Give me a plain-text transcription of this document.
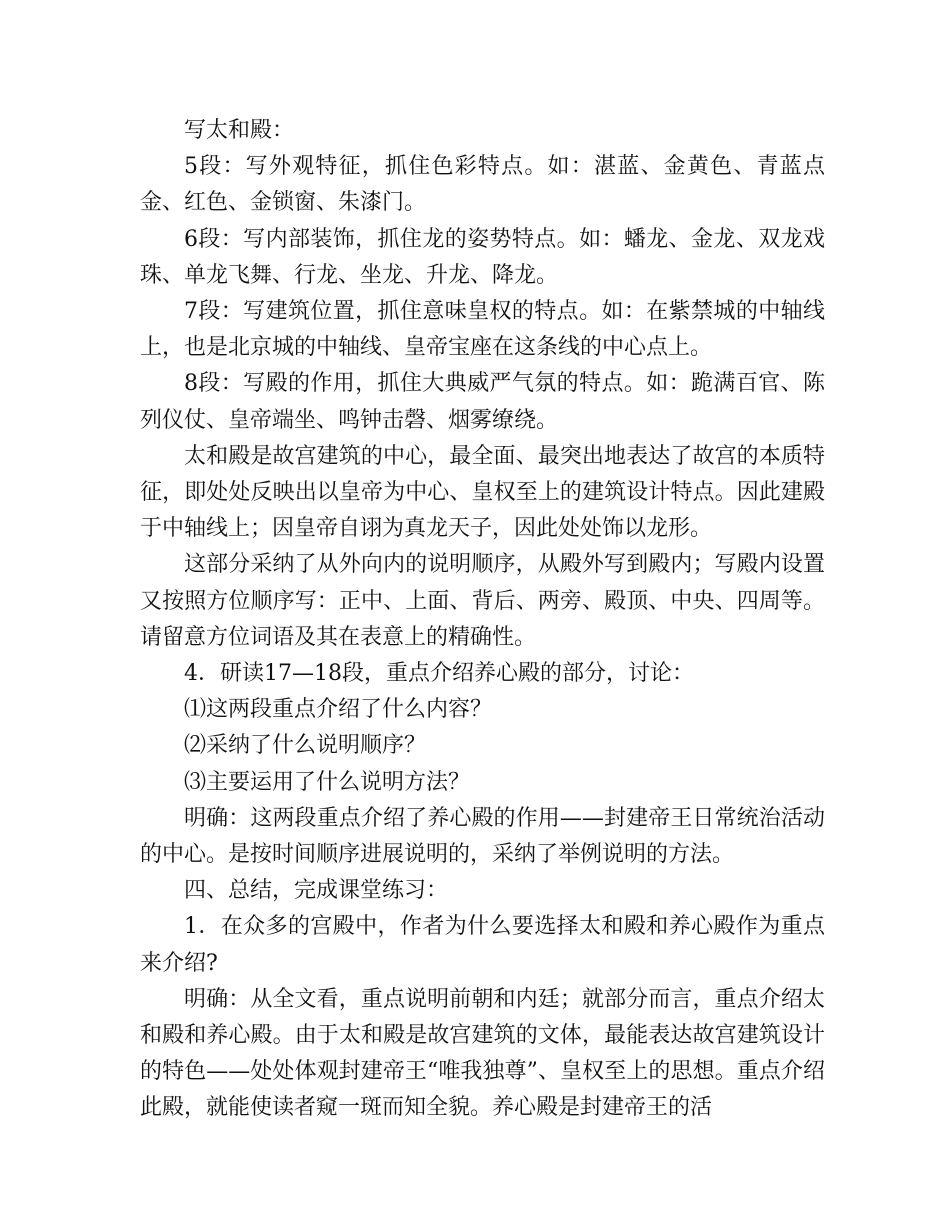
写太和殿：

5段：写外观特征，抓住色彩特点。如：湛蓝、金黄色、青蓝点金、红色、金锁窗、朱漆门。

6段：写内部装饰，抓住龙的姿势特点。如：蟠龙、金龙、双龙戏珠、单龙飞舞、行龙、坐龙、升龙、降龙。

7段：写建筑位置，抓住意味皇权的特点。如：在紫禁城的中轴线上，也是北京城的中轴线、皇帝宝座在这条线的中心点上。

8段：写殿的作用，抓住大典威严气氛的特点。如：跪满百官、陈列仪仗、皇帝端坐、鸣钟击磬、烟雾缭绕。

太和殿是故宫建筑的中心，最全面、最突出地表达了故宫的本质特征，即处处反映出以皇帝为中心、皇权至上的建筑设计特点。因此建殿于中轴线上；因皇帝自诩为真龙天子，因此处处饰以龙形。

这部分采纳了从外向内的说明顺序，从殿外写到殿内；写殿内设置又按照方位顺序写：正中、上面、背后、两旁、殿顶、中央、四周等。请留意方位词语及其在表意上的精确性。

4．研读17—18段，重点介绍养心殿的部分，讨论：

⑴这两段重点介绍了什么内容？

⑵采纳了什么说明顺序？

⑶主要运用了什么说明方法？

明确：这两段重点介绍了养心殿的作用——封建帝王日常统治活动的中心。是按时间顺序进展说明的，采纳了举例说明的方法。

四、总结，完成课堂练习：

1．在众多的宫殿中，作者为什么要选择太和殿和养心殿作为重点来介绍?

明确：从全文看，重点说明前朝和内廷；就部分而言，重点介绍太和殿和养心殿。由于太和殿是故宫建筑的文体，最能表达故宫建筑设计的特色——处处体观封建帝王“唯我独尊”、皇权至上的思想。重点介绍此殿，就能使读者窥一斑而知全貌。养心殿是封建帝王的活
